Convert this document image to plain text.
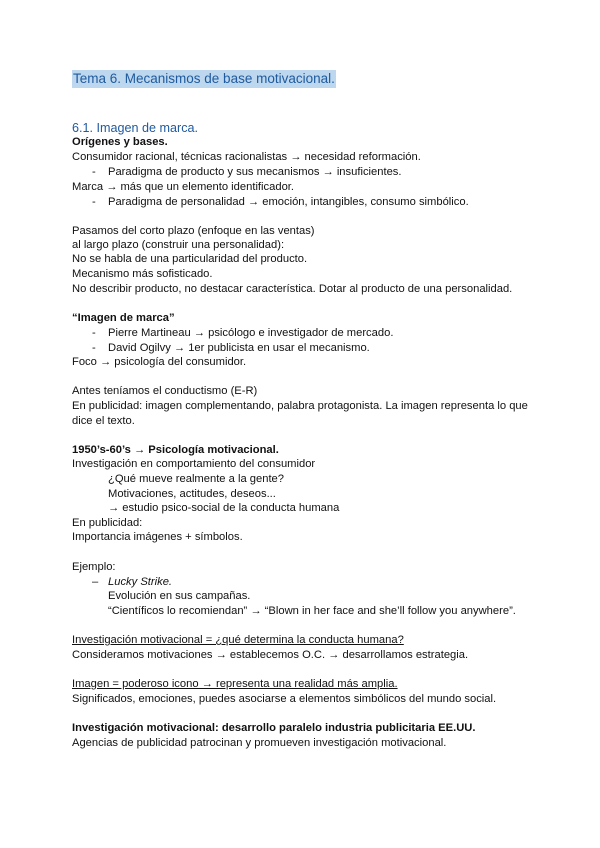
Tema 6. Mecanismos de base motivacional.
6.1. Imagen de marca.
Orígenes y bases.
Consumidor racional, técnicas racionalistas → necesidad reformación.
- Paradigma de producto y sus mecanismos → insuficientes.
Marca → más que un elemento identificador.
- Paradigma de personalidad → emoción, intangibles, consumo simbólico.
Pasamos del corto plazo (enfoque en las ventas)
al largo plazo (construir una personalidad):
No se habla de una particularidad del producto.
Mecanismo más sofisticado.
No describir producto, no destacar característica. Dotar al producto de una personalidad.
“Imagen de marca”
- Pierre Martineau → psicólogo e investigador de mercado.
- David Ogilvy → 1er publicista en usar el mecanismo.
Foco → psicología del consumidor.
Antes teníamos el conductismo (E-R)
En publicidad: imagen complementando, palabra protagonista. La imagen representa lo que
dice el texto.
1950’s-60’s → Psicología motivacional.
Investigación en comportamiento del consumidor
¿Qué mueve realmente a la gente?
Motivaciones, actitudes, deseos...
→ estudio psico-social de la conducta humana
En publicidad:
Importancia imágenes + símbolos.
Ejemplo:
– Lucky Strike.
Evolución en sus campañas.
“Científicos lo recomiendan” → “Blown in her face and she’ll follow you anywhere”.
Investigación motivacional = ¿qué determina la conducta humana?
Consideramos motivaciones → establecemos O.C. → desarrollamos estrategia.
Imagen = poderoso icono → representa una realidad más amplia.
Significados, emociones, puedes asociarse a elementos simbólicos del mundo social.
Investigación motivacional: desarrollo paralelo industria publicitaria EE.UU.
Agencias de publicidad patrocinan y promueven investigación motivacional.
